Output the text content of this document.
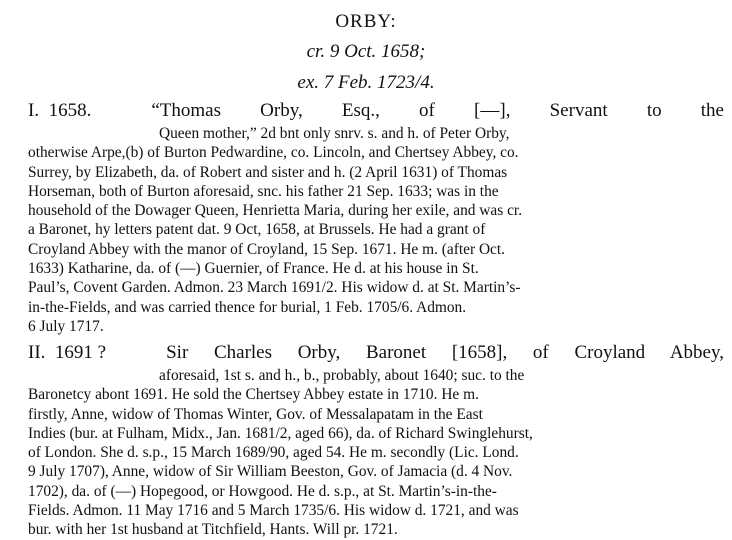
ORBY:
cr. 9 Oct. 1658;
ex. 7 Feb. 1723/4.
I. 1658.	“Thomas Orby, Esq., of [—], Servant to the

Queen mother,” 2d bnt only snrv. s. and h. of Peter Orby,

otherwise Arpe,(b) of Burton Pedwardine, co. Lincoln, and Chertsey Abbey, co.

Surrey, by Elizabeth, da. of Robert and sister and h. (2 April 1631) of Thomas

Horseman, both of Burton aforesaid, snc. his father 21 Sep. 1633; was in the

household of the Dowager Queen, Henrietta Maria, during her exile, and was cr.

a Baronet, hy letters patent dat. 9 Oct, 1658, at Brussels. He had a grant of

Croyland Abbey with the manor of Croyland, 15 Sep. 1671. He m. (after Oct.

1633) Katharine, da. of (—) Guernier, of France. He d. at his house in St.

Paul’s, Covent Garden. Admon. 23 March 1691/2. His widow d. at St. Martin’s-

in-the-Fields, and was carried thence for burial, 1 Feb. 1705/6. Admon.

6 July 1717.

II. 1691 ?	Sir Charles Orby, Baronet [1658], of Croyland Abbey,

aforesaid, 1st s. and h., b., probably, about 1640; suc. to the

Baronetcy abont 1691. He sold the Chertsey Abbey estate in 1710. He m.

firstly, Anne, widow of Thomas Winter, Gov. of Messalapatam in the East

Indies (bur. at Fulham, Midx., Jan. 1681/2, aged 66), da. of Richard Swinglehurst,

of London. She d. s.p., 15 March 1689/90, aged 54. He m. secondly (Lic. Lond.

9 July 1707), Anne, widow of Sir William Beeston, Gov. of Jamacia (d. 4 Nov.

1702), da. of (—) Hopegood, or Howgood. He d. s.p., at St. Martin’s-in-the-

Fields. Admon. 11 May 1716 and 5 March 1735/6. His widow d. 1721, and was

bur. with her 1st husband at Titchfield, Hants. Will pr. 1721.
